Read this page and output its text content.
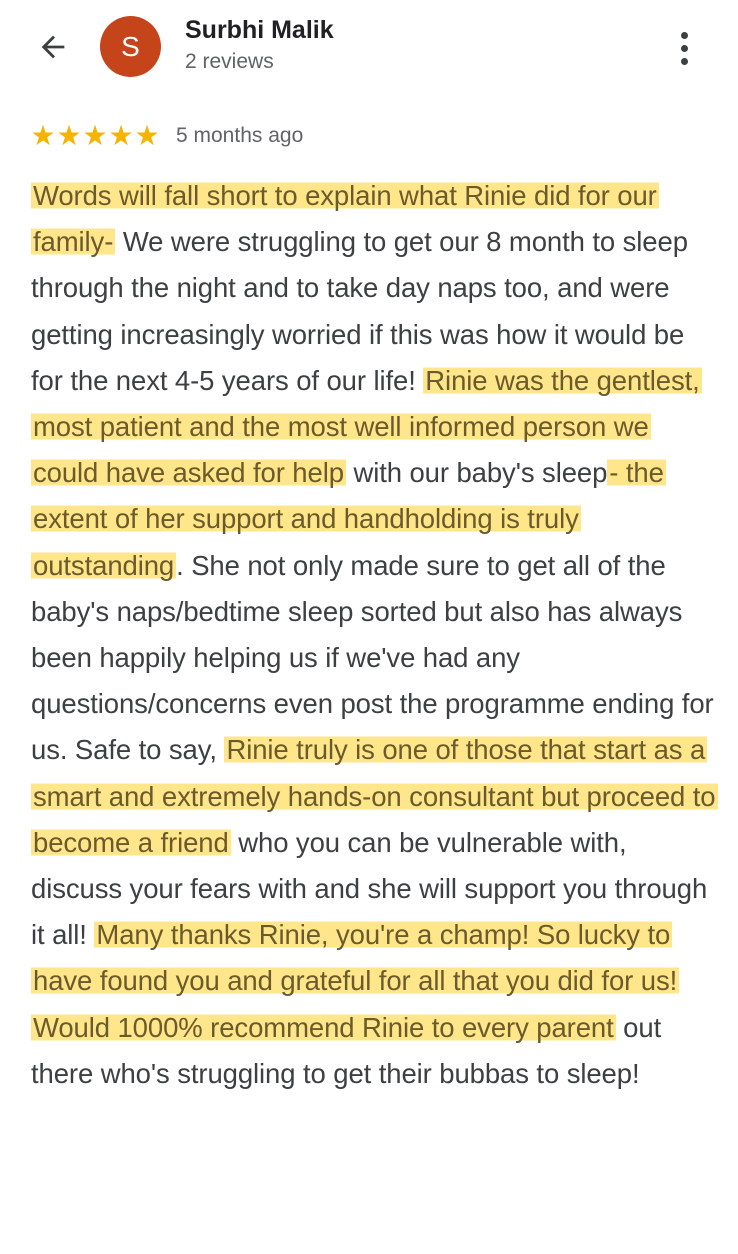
S
Surbhi Malik
2 reviews
★ ★ ★ ★ ★ 5 months ago
Words will fall short to explain what Rinie did for our family- We were struggling to get our 8 month to sleep through the night and to take day naps too, and were getting increasingly worried if this was how it would be for the next 4-5 years of our life! Rinie was the gentlest, most patient and the most well informed person we could have asked for help with our baby's sleep- the extent of her support and handholding is truly outstanding. She not only made sure to get all of the baby's naps/bedtime sleep sorted but also has always been happily helping us if we've had any questions/concerns even post the programme ending for us. Safe to say, Rinie truly is one of those that start as a smart and extremely hands-on consultant but proceed to become a friend who you can be vulnerable with, discuss your fears with and she will support you through it all! Many thanks Rinie, you're a champ! So lucky to have found you and grateful for all that you did for us! Would 1000% recommend Rinie to every parent out there who's struggling to get their bubbas to sleep!
